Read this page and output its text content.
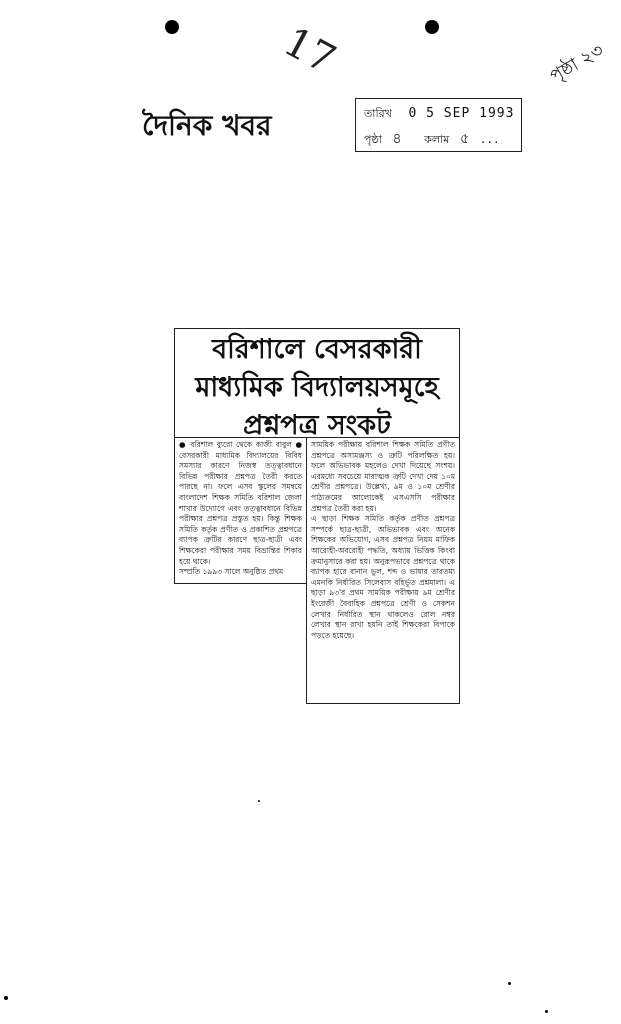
17	পৃষ্ঠা ২৩
দৈনিক খবর	তারিখ 0 5 SEP 1993
পৃষ্ঠা ৪ কলাম ৫ ...
বরিশালে বেসরকারী
মাধ্যমিক বিদ্যালয়সমূহে
প্রশ্নপত্র সংকট

● বরিশাল ব্যুরো থেকে কাজী বাবুল ● বেসরকারী মাধ্যমিক বিদ্যালয়ের বিবিধ সমস্যার কারণে নিজস্ব তত্ত্বাবধানে বিভিন্ন পরীক্ষার প্রশ্নপত্র তৈরী করতে পারছে না। ফলে এসব স্কুলের সমন্বয়ে বাংলাদেশ শিক্ষক সমিতি বরিশাল জেলা শাখার উদ্যোগে এবং তত্ত্বাবধানে বিভিন্ন পরীক্ষার প্রশ্নপত্র প্রস্তুত হয়। কিন্তু শিক্ষক সমিতি কর্তৃক প্রণীত ও প্রকাশিত প্রশ্নপত্রে ব্যাপক ত্রুটির কারণে ছাত্র-ছাত্রী এবং শিক্ষকেরা পরীক্ষার সময় বিভ্রান্তির শিকার হয়ে থাকে।

সম্প্রতি ১৯৯৩ সালে অনুষ্ঠিত প্রথম

সাময়িক পরীক্ষায় বরিশাল শিক্ষক সমিতি প্রণীত প্রশ্নপত্রে অসামঞ্জস্য ও ত্রুটি পরিলক্ষিত হয়। ফলে অভিভাবক মহলেও দেখা দিয়েছে সংশয়। এরমধ্যে সবচেয়ে মারাত্মক ত্রুটি দেখা দেয় ১০ম শ্রেণীর প্রশ্নপত্রে। উল্লেখ্য, ৯ম ও ১০ম শ্রেণীর পাঠ্যক্রমের আলোকেই এসএসসি পরীক্ষার প্রশ্নপত্র তৈরী করা হয়।

এ ছাড়া শিক্ষক সমিতি কর্তৃক প্রণীত প্রশ্নপত্র সম্পর্কে ছাত্র-ছাত্রী, অভিভাবক এবং অনেক শিক্ষকের অভিযোগ, এসব প্রশ্নপত্র নিয়ম মাফিক আরোহী-অবরোহী পদ্ধতি, অধ্যায় ভিত্তিক কিংবা ক্রমানুসারে করা হয়। অনুরূপভাবে প্রশ্নপত্রে থাকে ব্যাপক হারে বানান ভুল, শব্দ ও ভাষার তারতম্য এমনকি নির্ধারিত সিলেবাস বহির্ভূত প্রশ্নমালা। এ ছাড়া ৯৩'র প্রথম সাময়িক পরীক্ষায় ৯ম শ্রেণীর ইংরেজী বৈবাহিক প্রশ্নপত্রে শ্রেণী ও সেকশন লেখার নির্ধারিত স্থান থাকলেও রোল নম্বর লেখার স্থান রাখা হয়নি তাই শিক্ষকেরা বিপাকে পড়তে হয়েছে।
